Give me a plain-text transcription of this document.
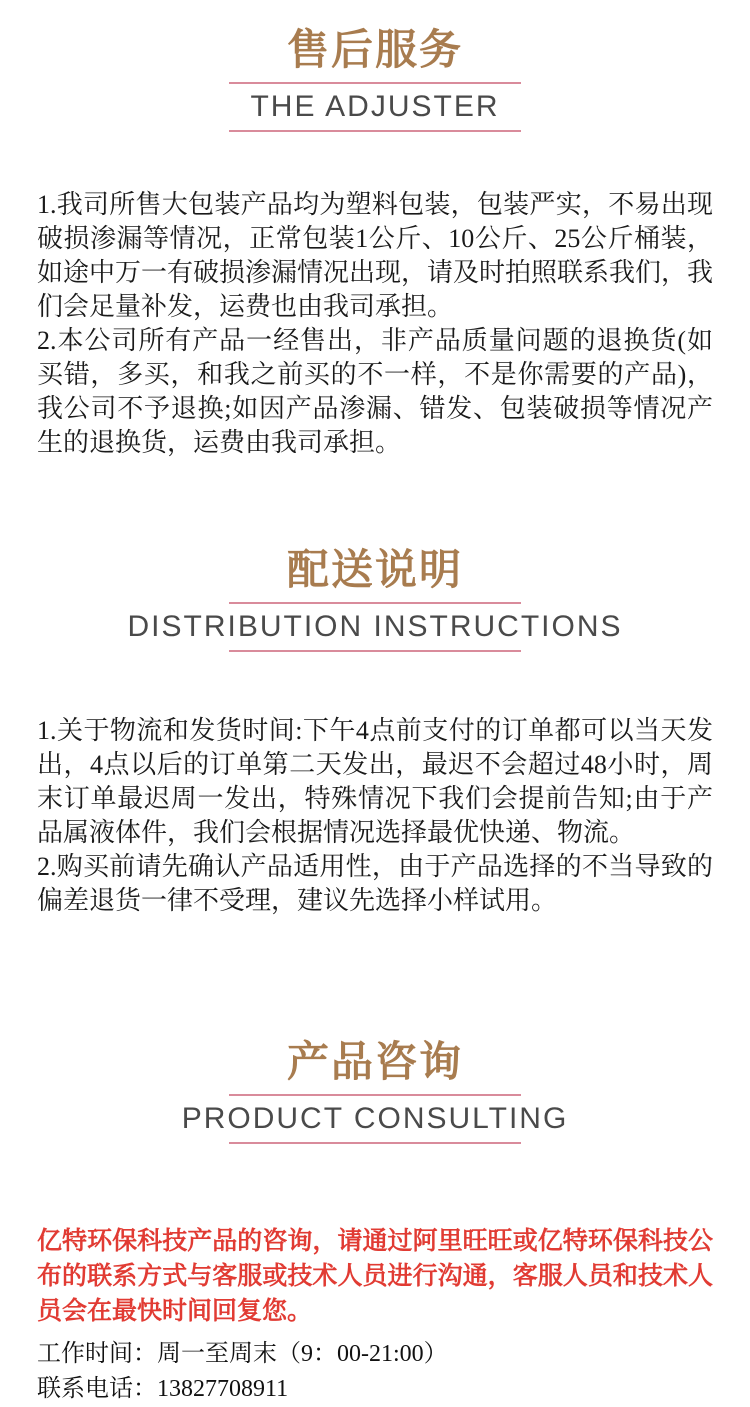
售后服务
THE ADJUSTER

1.我司所售大包装产品均为塑料包装，包装严实，不易出现破损渗漏等情况，正常包装1公斤、10公斤、25公斤桶装，如途中万一有破损渗漏情况出现，请及时拍照联系我们，我们会足量补发，运费也由我司承担。

2.本公司所有产品一经售出，非产品质量问题的退换货(如买错，多买，和我之前买的不一样，不是你需要的产品)，我公司不予退换;如因产品渗漏、错发、包装破损等情况产生的退换货，运费由我司承担。

配送说明
DISTRIBUTION INSTRUCTIONS

1.关于物流和发货时间:下午4点前支付的订单都可以当天发出，4点以后的订单第二天发出，最迟不会超过48小时，周末订单最迟周一发出，特殊情况下我们会提前告知;由于产品属液体件，我们会根据情况选择最优快递、物流。

2.购买前请先确认产品适用性，由于产品选择的不当导致的偏差退货一律不受理，建议先选择小样试用。

产品咨询
PRODUCT CONSULTING
亿特环保科技产品的咨询，请通过阿里旺旺或亿特环保科技公布的联系方式与客服或技术人员进行沟通，客服人员和技术人员会在最快时间回复您。
工作时间：周一至周末（9：00-21:00）
联系电话：13827708911
